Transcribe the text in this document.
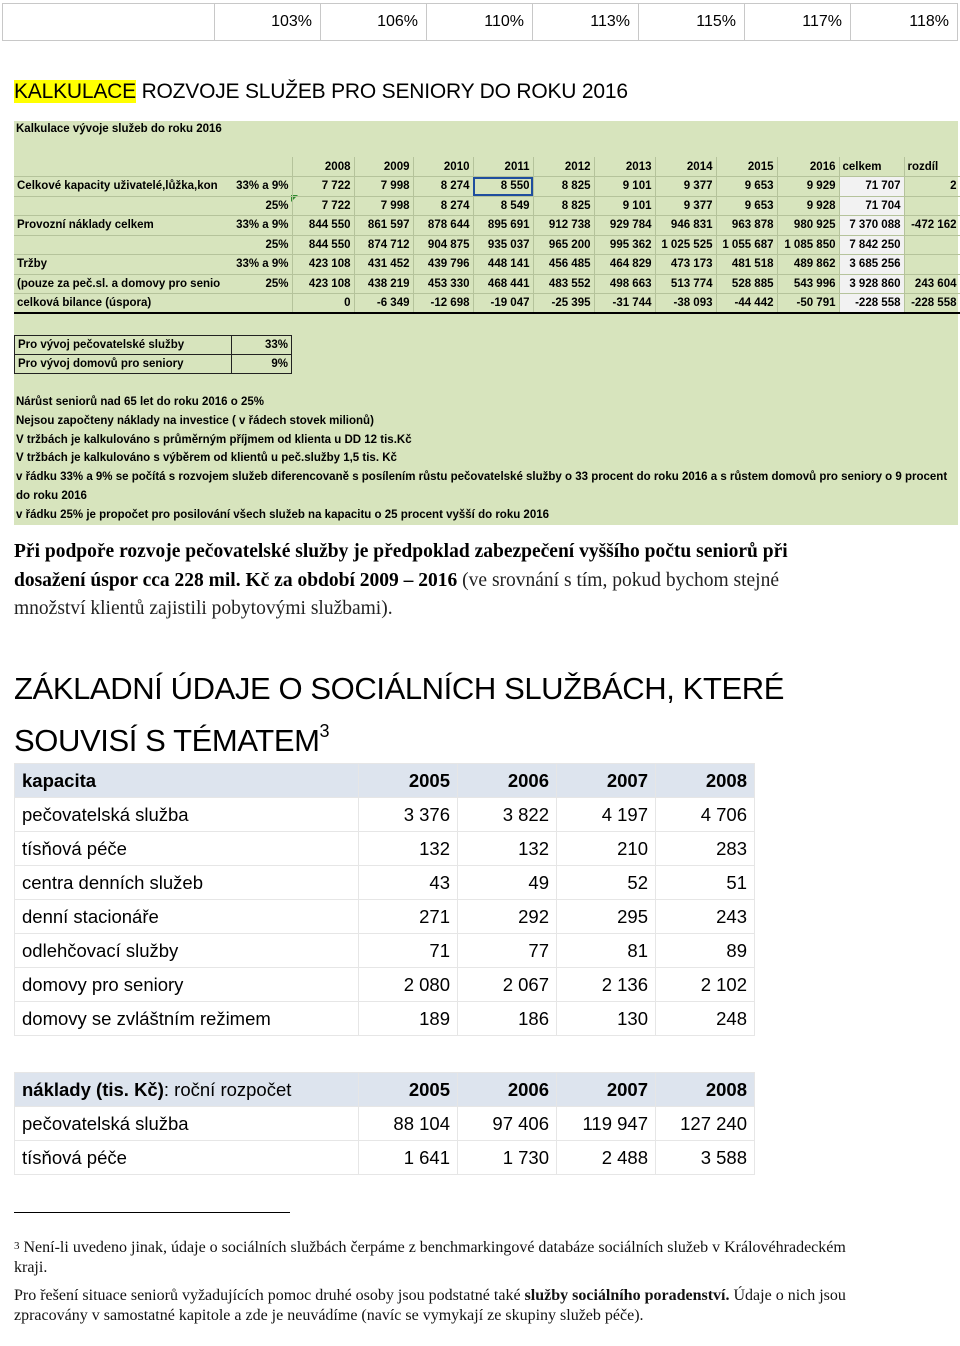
103%	106%	110%	113%	115%	117%	118%
KALKULACE ROZVOJE SLUŽEB PRO SENIORY DO ROKU 2016
Kalkulace vývoje služeb do roku 2016
		2008	2009	2010	2011	2012	2013	2014	2015	2016	celkem	rozdíl
Celkové kapacity uživatelé,lůžka,kon	33% a 9%	7 722	7 998	8 274	8 550	8 825	9 101	9 377	9 653	9 929	71 707	2
	25%	7 722	7 998	8 274	8 549	8 825	9 101	9 377	9 653	9 928	71 704	
Provozní náklady celkem	33% a 9%	844 550	861 597	878 644	895 691	912 738	929 784	946 831	963 878	980 925	7 370 088	-472 162
	25%	844 550	874 712	904 875	935 037	965 200	995 362	1 025 525	1 055 687	1 085 850	7 842 250	
Tržby	33% a 9%	423 108	431 452	439 796	448 141	456 485	464 829	473 173	481 518	489 862	3 685 256	
(pouze za peč.sl. a domovy pro senio	25%	423 108	438 219	453 330	468 441	483 552	498 663	513 774	528 885	543 996	3 928 860	243 604
celková bilance (úspora)		0	-6 349	-12 698	-19 047	-25 395	-31 744	-38 093	-44 442	-50 791	-228 558	-228 558
Pro vývoj pečovatelské služby	33%
Pro vývoj domovů pro seniory	9%
Nárůst seniorů nad 65 let do roku 2016 o 25%
Nejsou započteny náklady na investice ( v řádech stovek milionů)
V tržbách je kalkulováno s průměrným příjmem od klienta u DD 12 tis.Kč
V tržbách je kalkulováno s výběrem od klientů u peč.služby 1,5 tis. Kč
v řádku 33% a 9% se počítá s rozvojem služeb diferencovaně s posílením růstu pečovatelské služby o 33 procent do roku 2016 a s růstem domovů pro seniory o 9 procent do roku 2016
v řádku 25% je propočet pro posilování všech služeb na kapacitu o 25 procent vyšší do roku 2016
Při podpoře rozvoje pečovatelské služby je předpoklad zabezpečení vyššího počtu seniorů při dosažení úspor cca 228 mil. Kč za období 2009 – 2016 (ve srovnání s tím, pokud bychom stejné množství klientů zajistili pobytovými službami).
ZÁKLADNÍ ÚDAJE O SOCIÁLNÍCH SLUŽBÁCH, KTERÉ SOUVISÍ S TÉMATEM$^3$
kapacita	2005	2006	2007	2008
pečovatelská služba	3 376	3 822	4 197	4 706
tísňová péče	132	132	210	283
centra denních služeb	43	49	52	51
denní stacionáře	271	292	295	243
odlehčovací služby	71	77	81	89
domovy pro seniory	2 080	2 067	2 136	2 102
domovy se zvláštním režimem	189	186	130	248
náklady (tis. Kč): roční rozpočet	2005	2006	2007	2008
pečovatelská služba	88 104	97 406	119 947	127 240
tísňová péče	1 641	1 730	2 488	3 588
$^3$ Není-li uvedeno jinak, údaje o sociálních službách čerpáme z benchmarkingové databáze sociálních služeb v Královéhradeckém kraji.
Pro řešení situace seniorů vyžadujících pomoc druhé osoby jsou podstatné také služby sociálního poradenství. Údaje o nich jsou zpracovány v samostatné kapitole a zde je neuvádíme (navíc se vymykají ze skupiny služeb péče).
